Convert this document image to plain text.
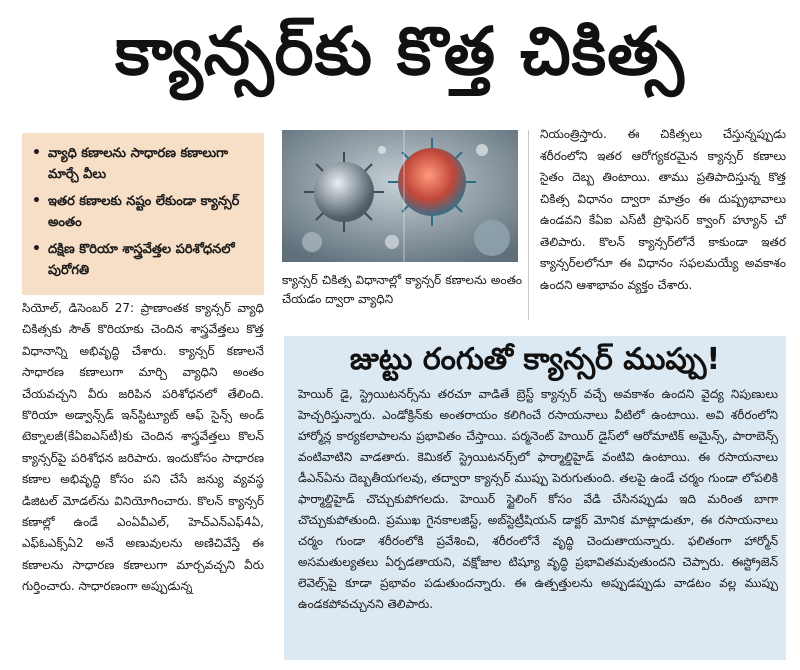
క్యాన్సర్‌కు కొత్త చికిత్స
• వ్యాధి కణాలను సాధారణ కణాలుగా మార్చే వీలు
• ఇతర కణాలకు నష్టం లేకుండా క్యాన్సర్ అంతం
• దక్షిణ కొరియా శాస్త్రవేత్తల పరిశోధనలో పురోగతి
క్యాన్సర్ చికిత్స విధానాల్లో క్యాన్సర్ కణాలను అంతం చేయడం ద్వారా వ్యాధిని
నియంత్రిస్తారు. ఈ చికిత్సలు చేస్తున్నప్పుడు శరీరంలోని ఇతర ఆరోగ్యకరమైన క్యాన్సర్ కణాలు సైతం దెబ్బ తింటాయి. తాము ప్రతిపాదిస్తున్న కొత్త చికిత్స విధానం ద్వారా మాత్రం ఈ దుష్ప్రభావాలు ఉండవని కేఏఐ ఎస్‌టీ ప్రొఫెసర్ క్వాంగ్ హ్యూన్ చో తెలిపారు. కొలన్ క్యాన్సర్‌లోనే కాకుండా ఇతర క్యాన్సర్‌లలోనూ ఈ విధానం సఫలమయ్యే అవకాశం ఉందని ఆశాభావం వ్యక్తం చేశారు.
సియోల్, డిసెంబర్ 27: ప్రాణాంతక క్యాన్సర్ వ్యాధి చికిత్సకు సౌత్ కొరియాకు చెందిన శాస్త్రవేత్తలు కొత్త విధానాన్ని అభివృద్ధి చేశారు. క్యాన్సర్ కణాలనే సాధారణ కణాలుగా మార్చి వ్యాధిని అంతం చేయవచ్చని వీరు జరిపిన పరిశోధనలో తేలింది. కొరియా అడ్వాన్స్‌డ్ ఇన్‌స్టిట్యూట్ ఆఫ్ సైన్స్ అండ్ టెక్నాలజీ(కేఏఐఎస్‌టీ)కు చెందిన శాస్త్రవేత్తలు కొలన్ క్యాన్సర్‌పై పరిశోధన జరిపారు. ఇందుకోసం సాధారణ కణాల అభివృద్ధి కోసం పని చేసే జన్యు వ్యవస్థ డిజిటల్ మోడల్‌ను వినియోగించారు. కొలన్ క్యాన్సర్ కణాల్లో ఉండే ఎంఏవీఎల్, హెచ్‌ఎన్‌ఎఫ్4ఏ, ఎఫ్ఓఎక్స్ఏ2 అనే అణువులను అణిచివేస్తే ఈ కణాలను సాధారణ కణాలుగా మార్చవచ్చని వీరు గుర్తించారు. సాధారణంగా అప్పుడున్న
జుట్టు రంగుతో క్యాన్సర్ ముప్పు!
హెయిర్ డై, స్ట్రెయిటనర్స్‌ను తరచూ వాడితే బ్రెస్ట్ క్యాన్సర్ వచ్చే అవకాశం ఉందని వైద్య నిపుణులు హెచ్చరిస్తున్నారు. ఎండోక్రిన్‌కు అంతరాయం కలిగించే రసాయనాలు వీటిలో ఉంటాయి. అవి శరీరంలోని హార్మోన్ల కార్యకలాపాలను ప్రభావితం చేస్తాయి. పర్మనెంట్ హెయిర్ డైస్‌లో ఆరోమాటిక్ అమైన్స్, పారాబెన్స్ వంటివాటిని వాడతారు. కెమికల్ స్ట్రెయిటనర్స్‌లో ఫార్మాల్డిహైడ్ వంటివి ఉంటాయి. ఈ రసాయనాలు డీఎన్‌ఏను దెబ్బతీయగలవు, తద్వారా క్యాన్సర్ ముప్పు పెరుగుతుంది. తలపై ఉండే చర్మం గుండా లోపలికి ఫార్మాల్డిహైడ్ చొచ్చుకుపోగలదు. హెయిర్ స్టైలింగ్ కోసం వేడి చేసినప్పుడు ఇది మరింత బాగా చొచ్చుకుపోతుంది. ప్రముఖ గైనకాలజిస్ట్, అబ్‌స్టెట్రీషియన్ డాక్టర్ మోనిక మాట్లాడుతూ, ఈ రసాయనాలు చర్మం గుండా శరీరంలోకి ప్రవేశించి, శరీరంలోనే వృద్ధి చెందుతాయన్నారు. ఫలితంగా హార్మోన్ అసమతుల్యతలు ఏర్పడతాయని, వక్షోజాల టిష్యూ వృద్ధి ప్రభావితమవుతుందని చెప్పారు. ఈస్ట్రోజెన్ లెవెల్స్‌పై కూడా ప్రభావం పడుతుందన్నారు. ఈ ఉత్పత్తులను అప్పుడప్పుడు వాడటం వల్ల ముప్పు ఉండకపోవచ్చునని తెలిపారు.
